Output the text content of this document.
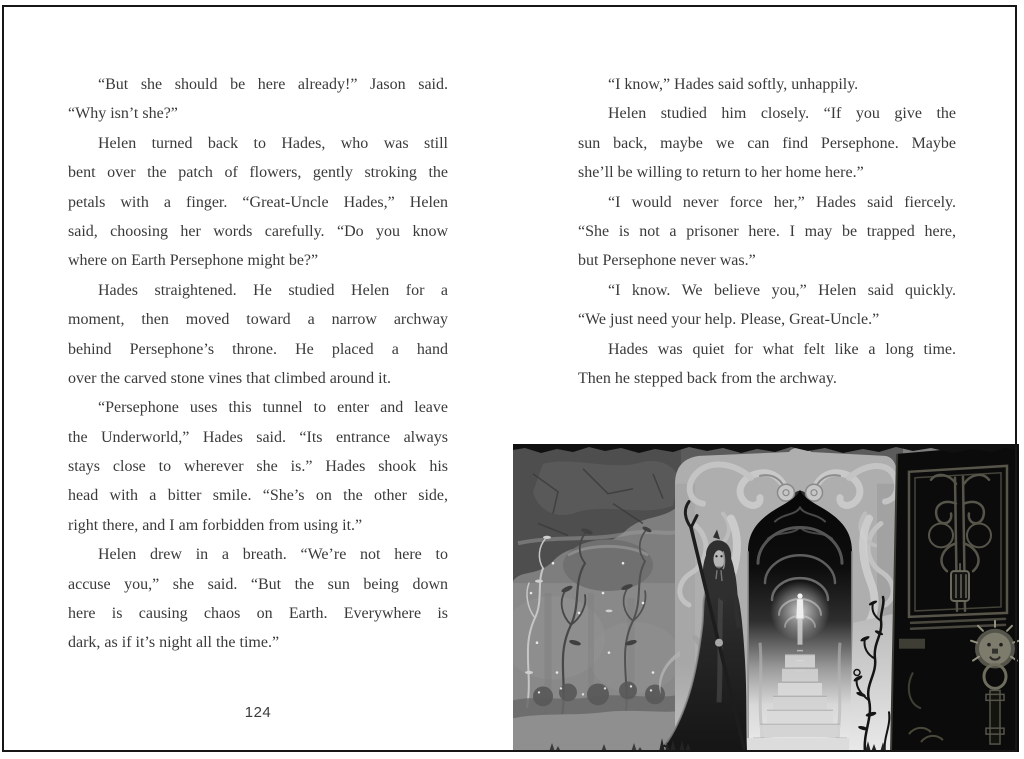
“But she should be here already!” Jason said.
“Why isn’t she?”
Helen turned back to Hades, who was still
bent over the patch of flowers, gently stroking the
petals with a finger. “Great-Uncle Hades,” Helen
said, choosing her words carefully. “Do you know
where on Earth Persephone might be?”
Hades straightened. He studied Helen for a
moment, then moved toward a narrow archway
behind Persephone’s throne. He placed a hand
over the carved stone vines that climbed around it.
“Persephone uses this tunnel to enter and leave
the Underworld,” Hades said. “Its entrance always
stays close to wherever she is.” Hades shook his
head with a bitter smile. “She’s on the other side,
right there, and I am forbidden from using it.”
Helen drew in a breath. “We’re not here to
accuse you,” she said. “But the sun being down
here is causing chaos on Earth. Everywhere is
dark, as if it’s night all the time.”
124
“I know,” Hades said softly, unhappily.
Helen studied him closely. “If you give the
sun back, maybe we can find Persephone. Maybe
she’ll be willing to return to her home here.”
“I would never force her,” Hades said fiercely.
“She is not a prisoner here. I may be trapped here,
but Persephone never was.”
“I know. We believe you,” Helen said quickly.
“We just need your help. Please, Great-Uncle.”
Hades was quiet for what felt like a long time.
Then he stepped back from the archway.
